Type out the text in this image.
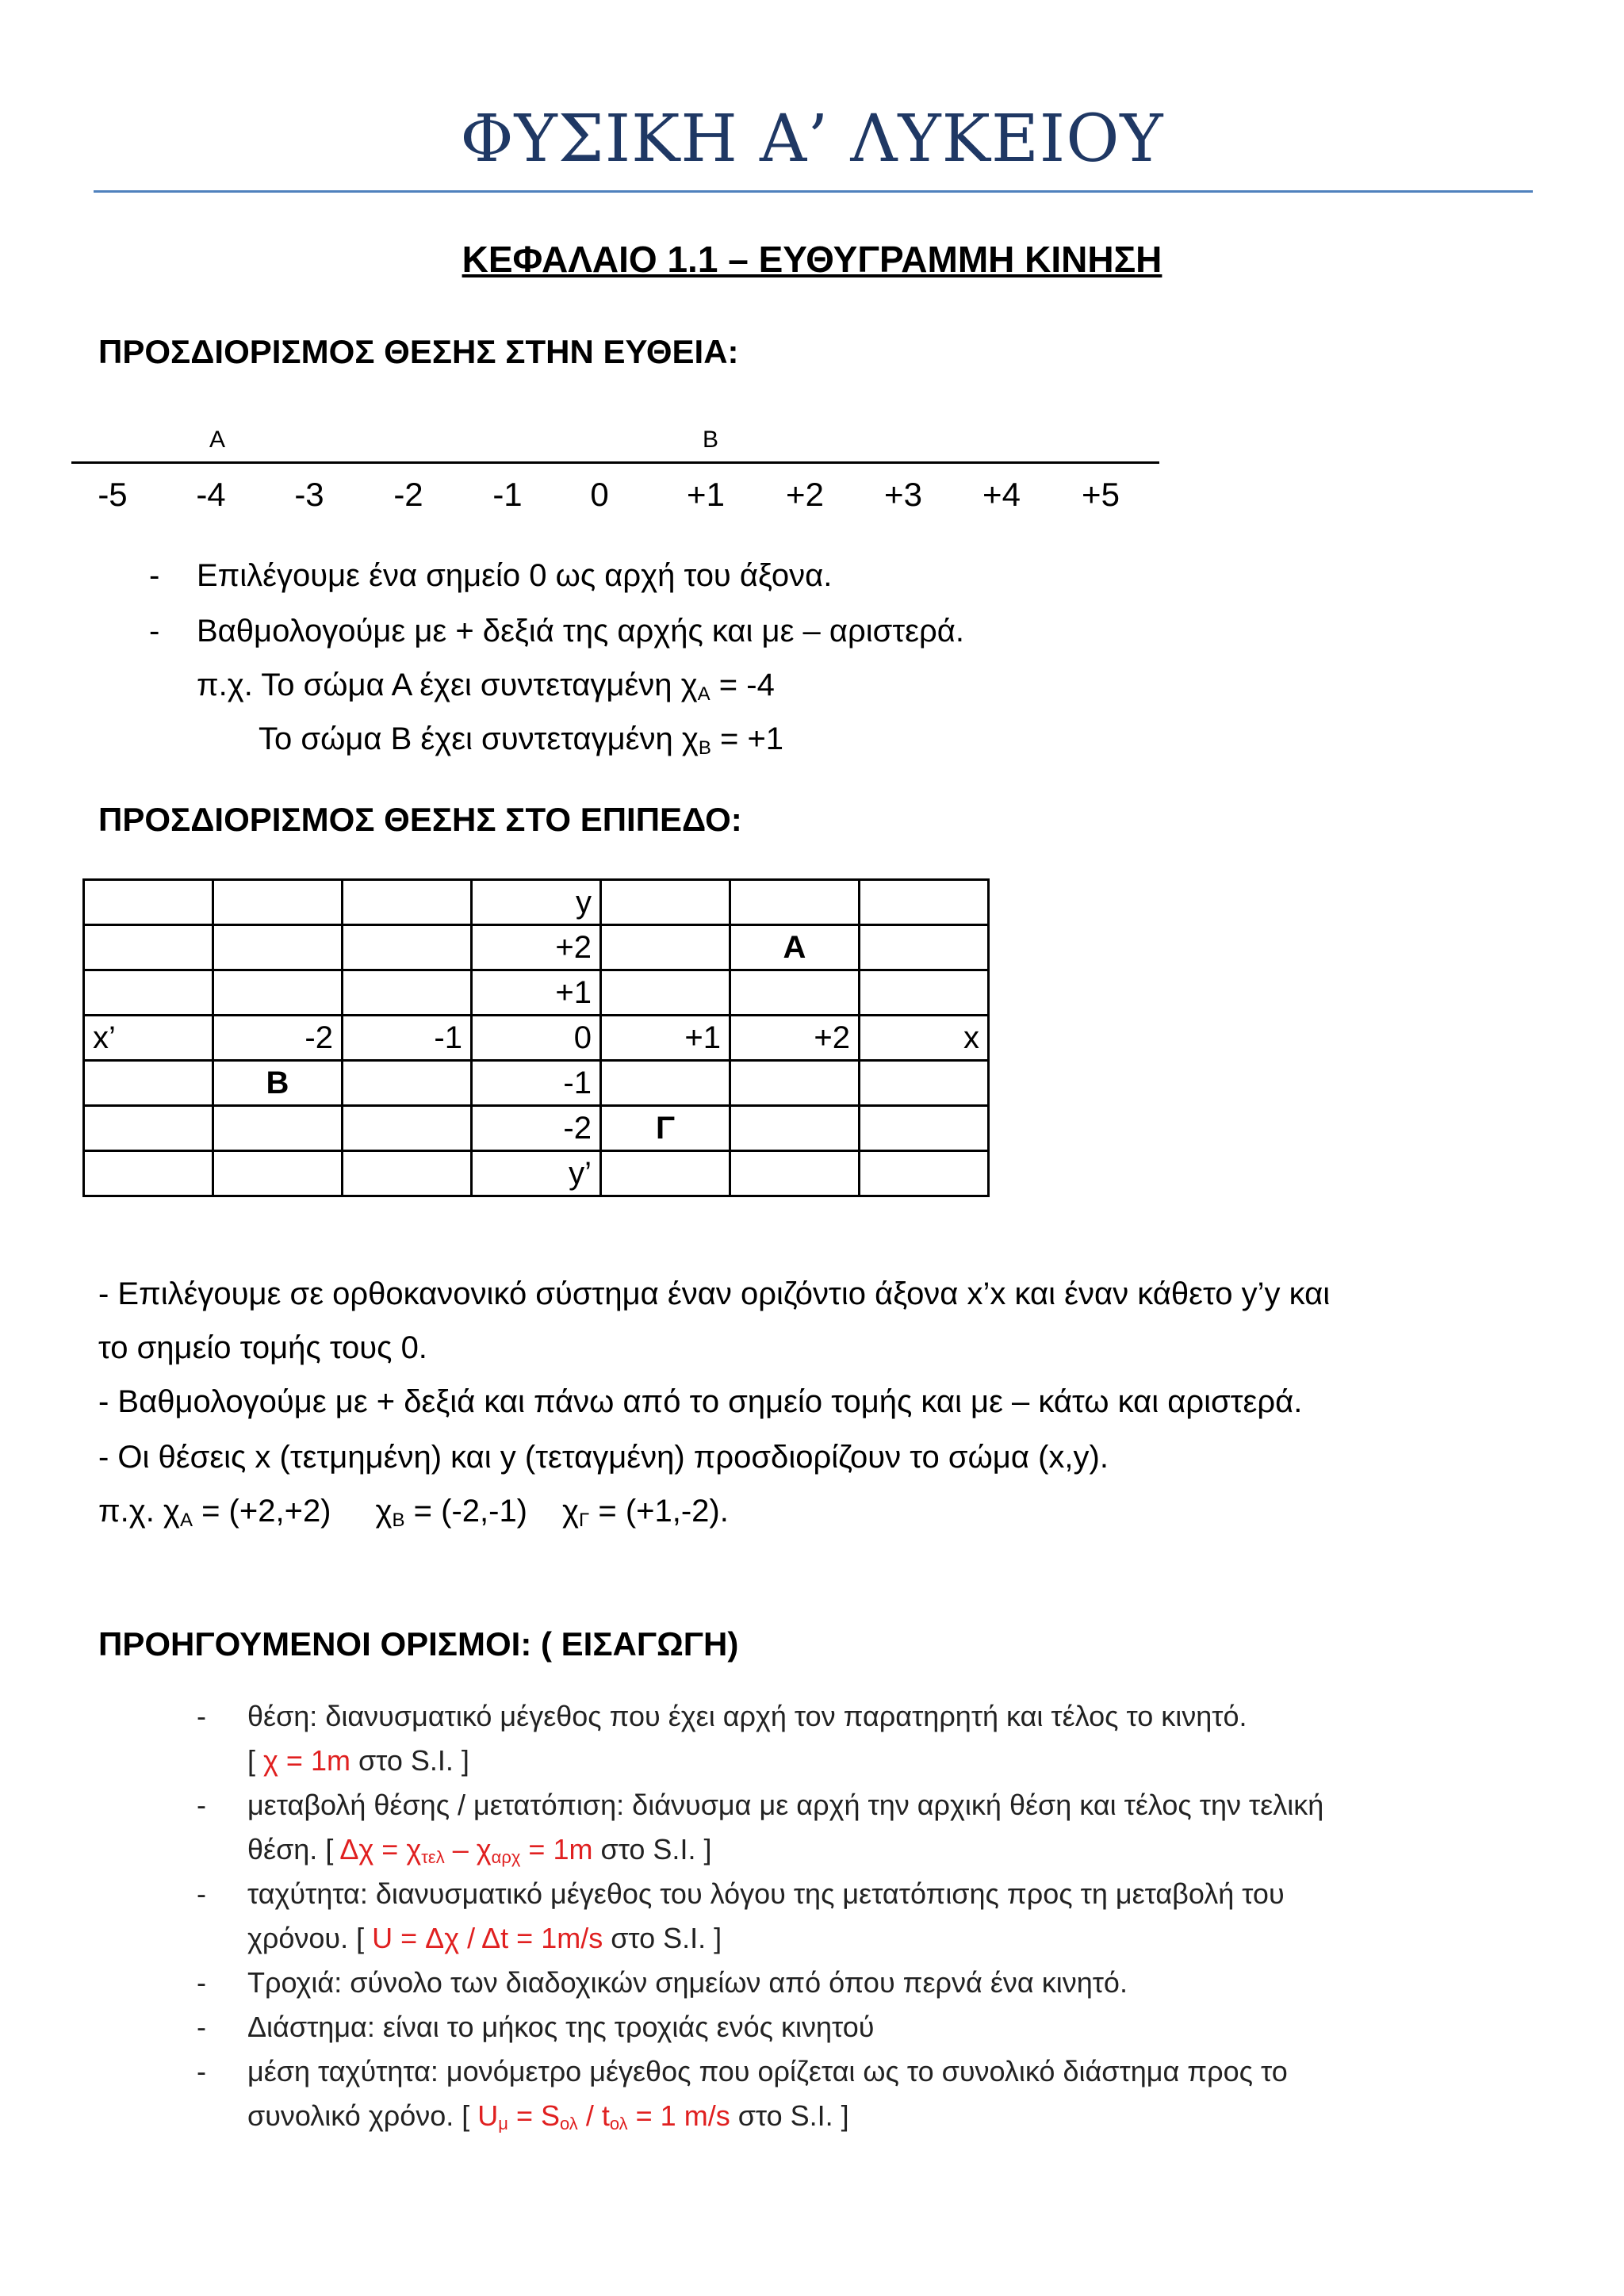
ΦΥΣΙΚΗ Α’ ΛΥΚΕΙΟΥ
ΚΕΦΑΛΑΙΟ 1.1 – ΕΥΘΥΓΡΑΜΜΗ ΚΙΝΗΣΗ
ΠΡΟΣΔΙΟΡΙΣΜΟΣ ΘΕΣΗΣ ΣΤΗΝ ΕΥΘΕΙΑ:
A	B
-5	-4	-3	-2	-1	0	+1	+2	+3	+4	+5
- Επιλέγουμε ένα σημείο 0 ως αρχή του άξονα.
- Βαθμολογούμε με + δεξιά της αρχής και με – αριστερά.
π.χ. Το σώμα Α έχει συντεταγμένη $\chi_A = -4$
Το σώμα Β έχει συντεταγμένη $\chi_B = +1$
ΠΡΟΣΔΙΟΡΙΣΜΟΣ ΘΕΣΗΣ ΣΤΟ ΕΠΙΠΕΔΟ:
			y			
			+2		Α	
			+1			
x’	-2	-1	0	+1	+2	x
	Β		-1			
			-2	Γ		
			y’			
- Επιλέγουμε σε ορθοκανονικό σύστημα έναν οριζόντιο άξονα x’x και έναν κάθετο y’y και
το σημείο τομής τους 0.
- Βαθμολογούμε με + δεξιά και πάνω από το σημείο τομής και με – κάτω και αριστερά.
- Οι θέσεις x (τετμημένη) και y (τεταγμένη) προσδιορίζουν το σώμα (x,y).
π.χ. $\chi_A = (+2,+2) \chi_B = (-2,-1) \chi_\Gamma = (+1,-2)$.
ΠΡΟΗΓΟΥΜΕΝΟΙ ΟΡΙΣΜΟΙ: ( ΕΙΣΑΓΩΓΗ)
- θέση: διανυσματικό μέγεθος που έχει αρχή τον παρατηρητή και τέλος το κινητό.
[ χ = 1m στο S.I. ]
- μεταβολή θέσης / μετατόπιση: διάνυσμα με αρχή την αρχική θέση και τέλος την τελική
θέση. [ $\Delta\chi = \chi_{\tau\varepsilon\lambda} - \chi_{\alpha\rho\chi} = 1m$ στο S.I. ]
- ταχύτητα: διανυσματικό μέγεθος του λόγου της μετατόπισης προς τη μεταβολή του
χρόνου. [ U = Δχ / Δt = 1m/s στο S.I. ]
- Τροχιά: σύνολο των διαδοχικών σημείων από όπου περνά ένα κινητό.
- Διάστημα: είναι το μήκος της τροχιάς ενός κινητού
- μέση ταχύτητα: μονόμετρο μέγεθος που ορίζεται ως το συνολικό διάστημα προς το
συνολικό χρόνο. [ $U_\mu = S_{o\lambda} / t_{o\lambda} = 1$ m/s στο S.I. ]
